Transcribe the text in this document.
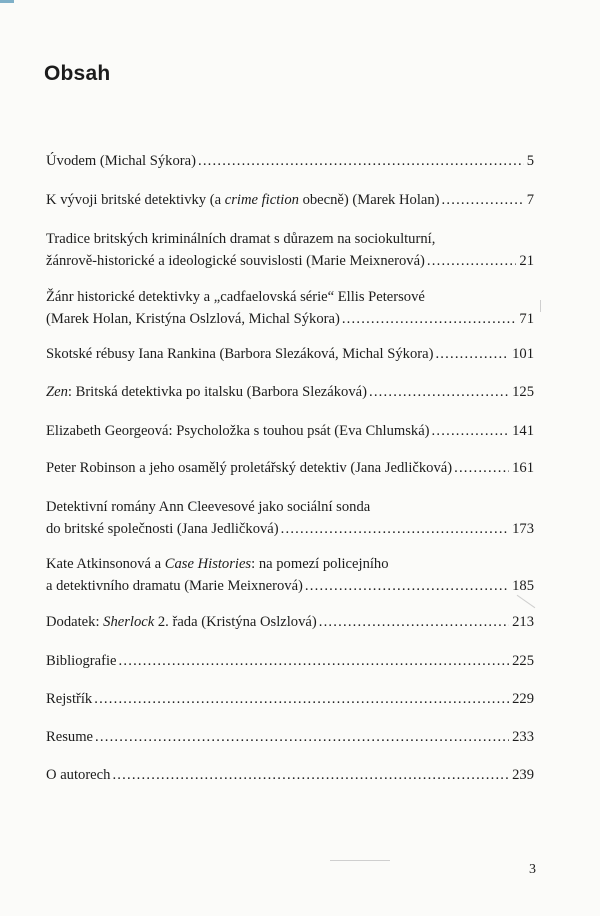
Obsah
Úvodem (Michal Sýkora) .....	5
K vývoji britské detektivky (a crime fiction obecně) (Marek Holan) .....	7
Tradice britských kriminálních dramat s důrazem na sociokulturní,
žánrově-historické a ideologické souvislosti (Marie Meixnerová) .....	21
Žánr historické detektivky a „cadfaelovská série“ Ellis Petersové
(Marek Holan, Kristýna Oslzlová, Michal Sýkora) .....	71
Skotské rébusy Iana Rankina (Barbora Slezáková, Michal Sýkora) .....	101
Zen: Britská detektivka po italsku (Barbora Slezáková) .....	125
Elizabeth Georgeová: Psycholožka s touhou psát (Eva Chlumská) .....	141
Peter Robinson a jeho osamělý proletářský detektiv (Jana Jedličková) .....	161
Detektivní romány Ann Cleevesové jako sociální sonda
do britské společnosti (Jana Jedličková) .....	173
Kate Atkinsonová a Case Histories: na pomezí policejního
a detektivního dramatu (Marie Meixnerová) .....	185
Dodatek: Sherlock 2. řada (Kristýna Oslzlová) .....	213
Bibliografie .....	225
Rejstřík .....	229
Resume .....	233
O autorech .....	239
3
